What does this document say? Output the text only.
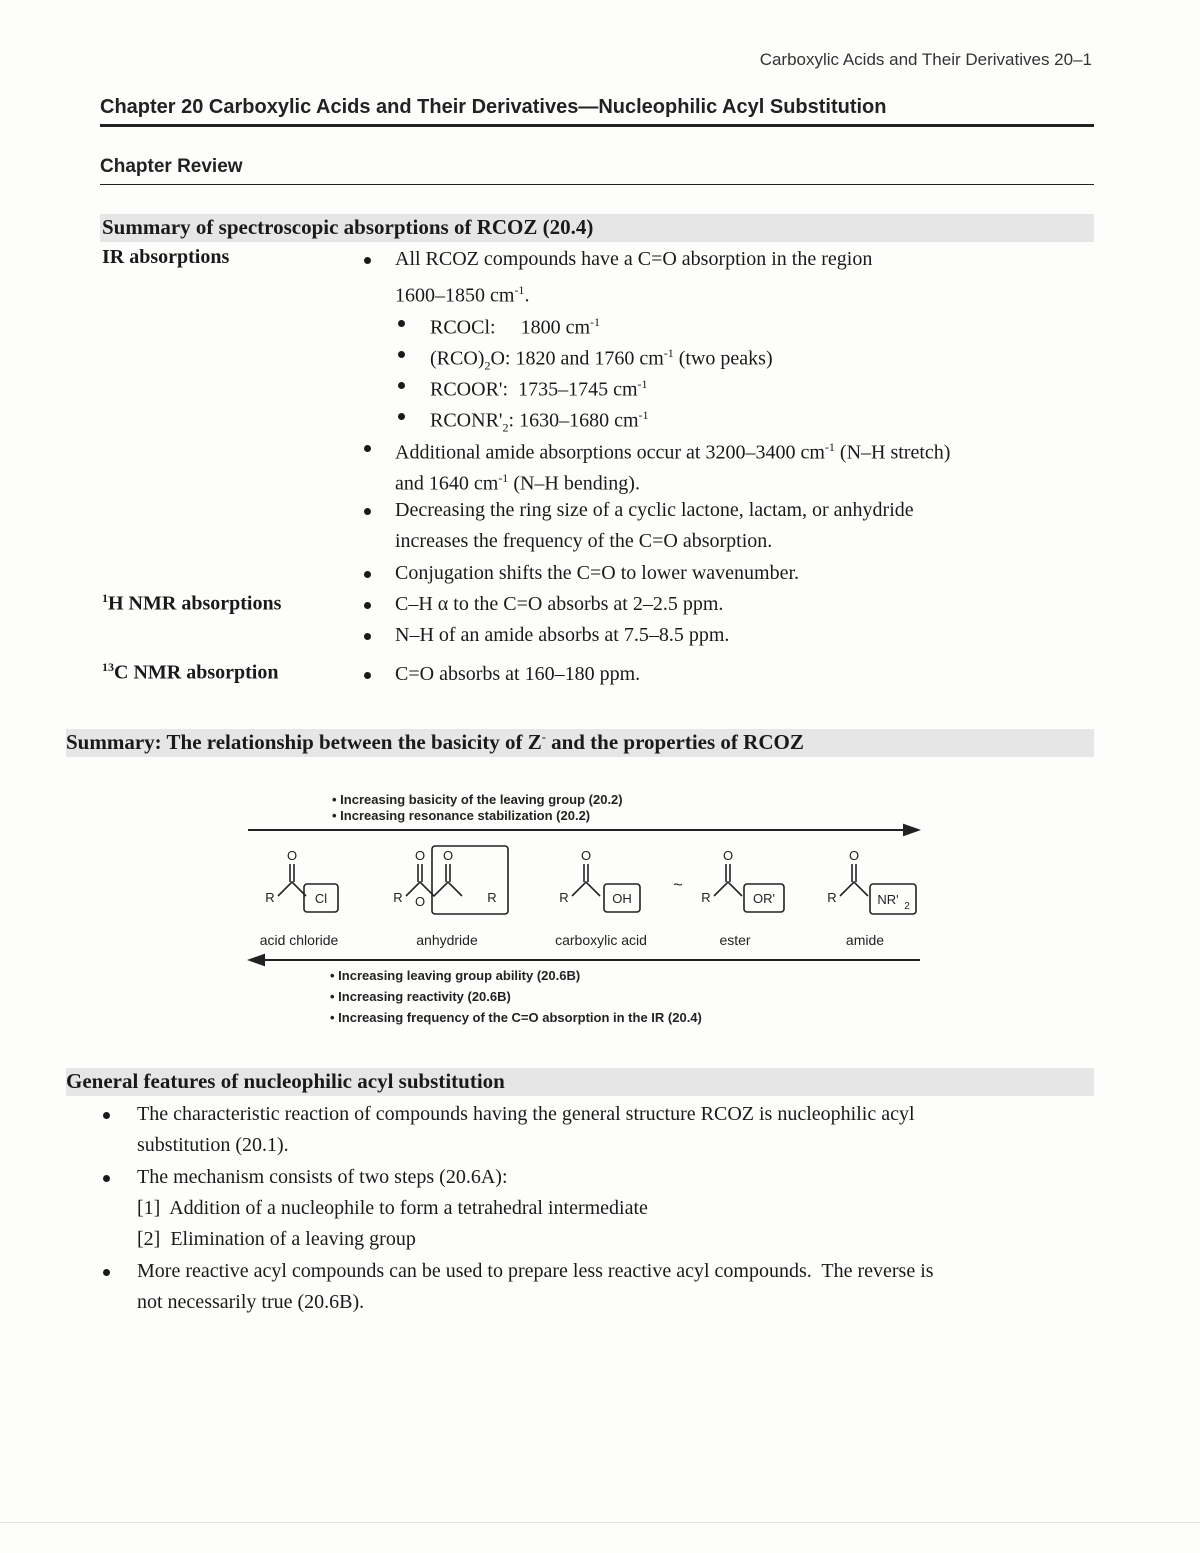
Carboxylic Acids and Their Derivatives 20–1
Chapter 20 Carboxylic Acids and Their Derivatives—Nucleophilic Acyl Substitution
Chapter Review
Summary of spectroscopic absorptions of RCOZ (20.4)
IR absorptions	All RCOZ compounds have a C=O absorption in the region
1600–1850 $cm^{-1}$.
RCOCl:     1800 $cm^{-1}$
$(RCO)_2O$: 1820 and 1760 $cm^{-1}$ (two peaks)
RCOOR':  1735–1745 $cm^{-1}$
$RCONR'_2$: 1630–1680 $cm^{-1}$
Additional amide absorptions occur at 3200–3400 $cm^{-1}$ (N–H stretch)
and 1640 $cm^{-1}$ (N–H bending).
Decreasing the ring size of a cyclic lactone, lactam, or anhydride
increases the frequency of the C=O absorption.
Conjugation shifts the C=O to lower wavenumber.
$^1$H NMR absorptions	C–H α to the C=O absorbs at 2–2.5 ppm.
N–H of an amide absorbs at 7.5–8.5 ppm.
$^{13}$C NMR absorption	C=O absorbs at 160–180 ppm.
Summary: The relationship between the basicity of Z- and the properties of RCOZ
• Increasing basicity of the leaving group (20.2)
• Increasing resonance stabilization (20.2)
O
R	Cl
O O
R O	R
O
R	OH
~
O
R	OR'
O
R	NR' 2
acid chloride	anhydride	carboxylic acid	ester	amide
• Increasing leaving group ability (20.6B)
• Increasing reactivity (20.6B)
• Increasing frequency of the C=O absorption in the IR (20.4)
General features of nucleophilic acyl substitution
The characteristic reaction of compounds having the general structure RCOZ is nucleophilic acyl
substitution (20.1).
The mechanism consists of two steps (20.6A):
[1]  Addition of a nucleophile to form a tetrahedral intermediate
[2]  Elimination of a leaving group
More reactive acyl compounds can be used to prepare less reactive acyl compounds.  The reverse is
not necessarily true (20.6B).
